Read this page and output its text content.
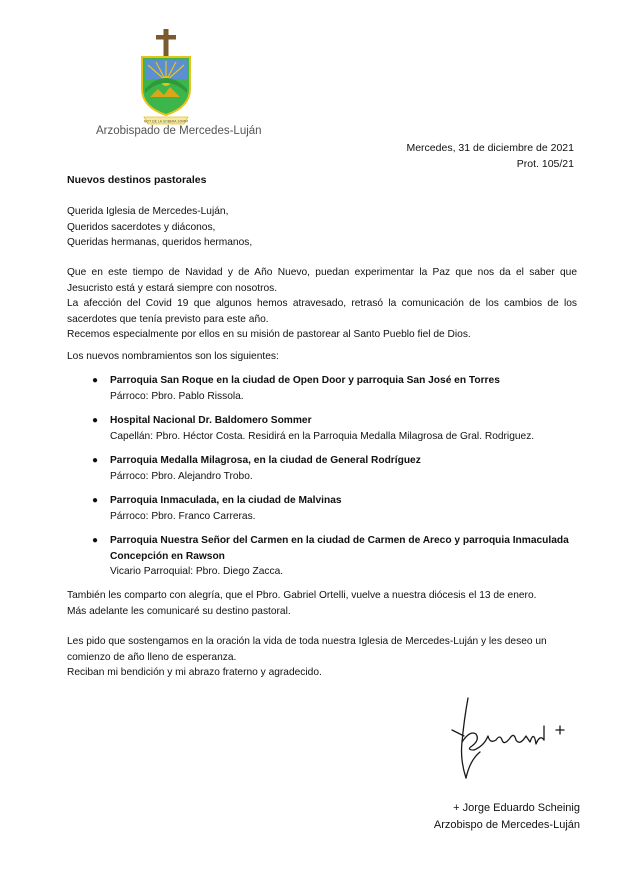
NOT DE LA SOBERA SOMM
Arzobispado de Mercedes-Luján
Mercedes, 31 de diciembre de 2021
Prot. 105/21
Nuevos destinos pastorales
Querida Iglesia de Mercedes-Luján,
Queridos sacerdotes y diáconos,
Queridas hermanas, queridos hermanos,

Que en este tiempo de Navidad y de Año Nuevo, puedan experimentar la Paz que nos da el saber que Jesucristo está y estará siempre con nosotros.

La afección del Covid 19 que algunos hemos atravesado, retrasó la comunicación de los cambios de los sacerdotes que tenía previsto para este año.

Recemos especialmente por ellos en su misión de pastorear al Santo Pueblo fiel de Dios.

Los nuevos nombramientos son los siguientes:
● Parroquia San Roque en la ciudad de Open Door y parroquia San José en Torres
Párroco: Pbro. Pablo Rissola.
● Hospital Nacional Dr. Baldomero Sommer
Capellán: Pbro. Héctor Costa. Residirá en la Parroquia Medalla Milagrosa de Gral. Rodriguez.
● Parroquia Medalla Milagrosa, en la ciudad de General Rodríguez
Párroco: Pbro. Alejandro Trobo.
● Parroquia Inmaculada, en la ciudad de Malvinas
Párroco: Pbro. Franco Carreras.
● Parroquia Nuestra Señor del Carmen en la ciudad de Carmen de Areco y parroquia Inmaculada Concepción en Rawson
Vicario Parroquial: Pbro. Diego Zacca.
También les comparto con alegría, que el Pbro. Gabriel Ortelli, vuelve a nuestra diócesis el 13 de enero.
Más adelante les comunicaré su destino pastoral.
Les pido que sostengamos en la oración la vida de toda nuestra Iglesia de Mercedes-Luján y les deseo un comienzo de año lleno de esperanza.
Reciban mi bendición y mi abrazo fraterno y agradecido.
+ Jorge Eduardo Scheinig
Arzobispo de Mercedes-Luján
